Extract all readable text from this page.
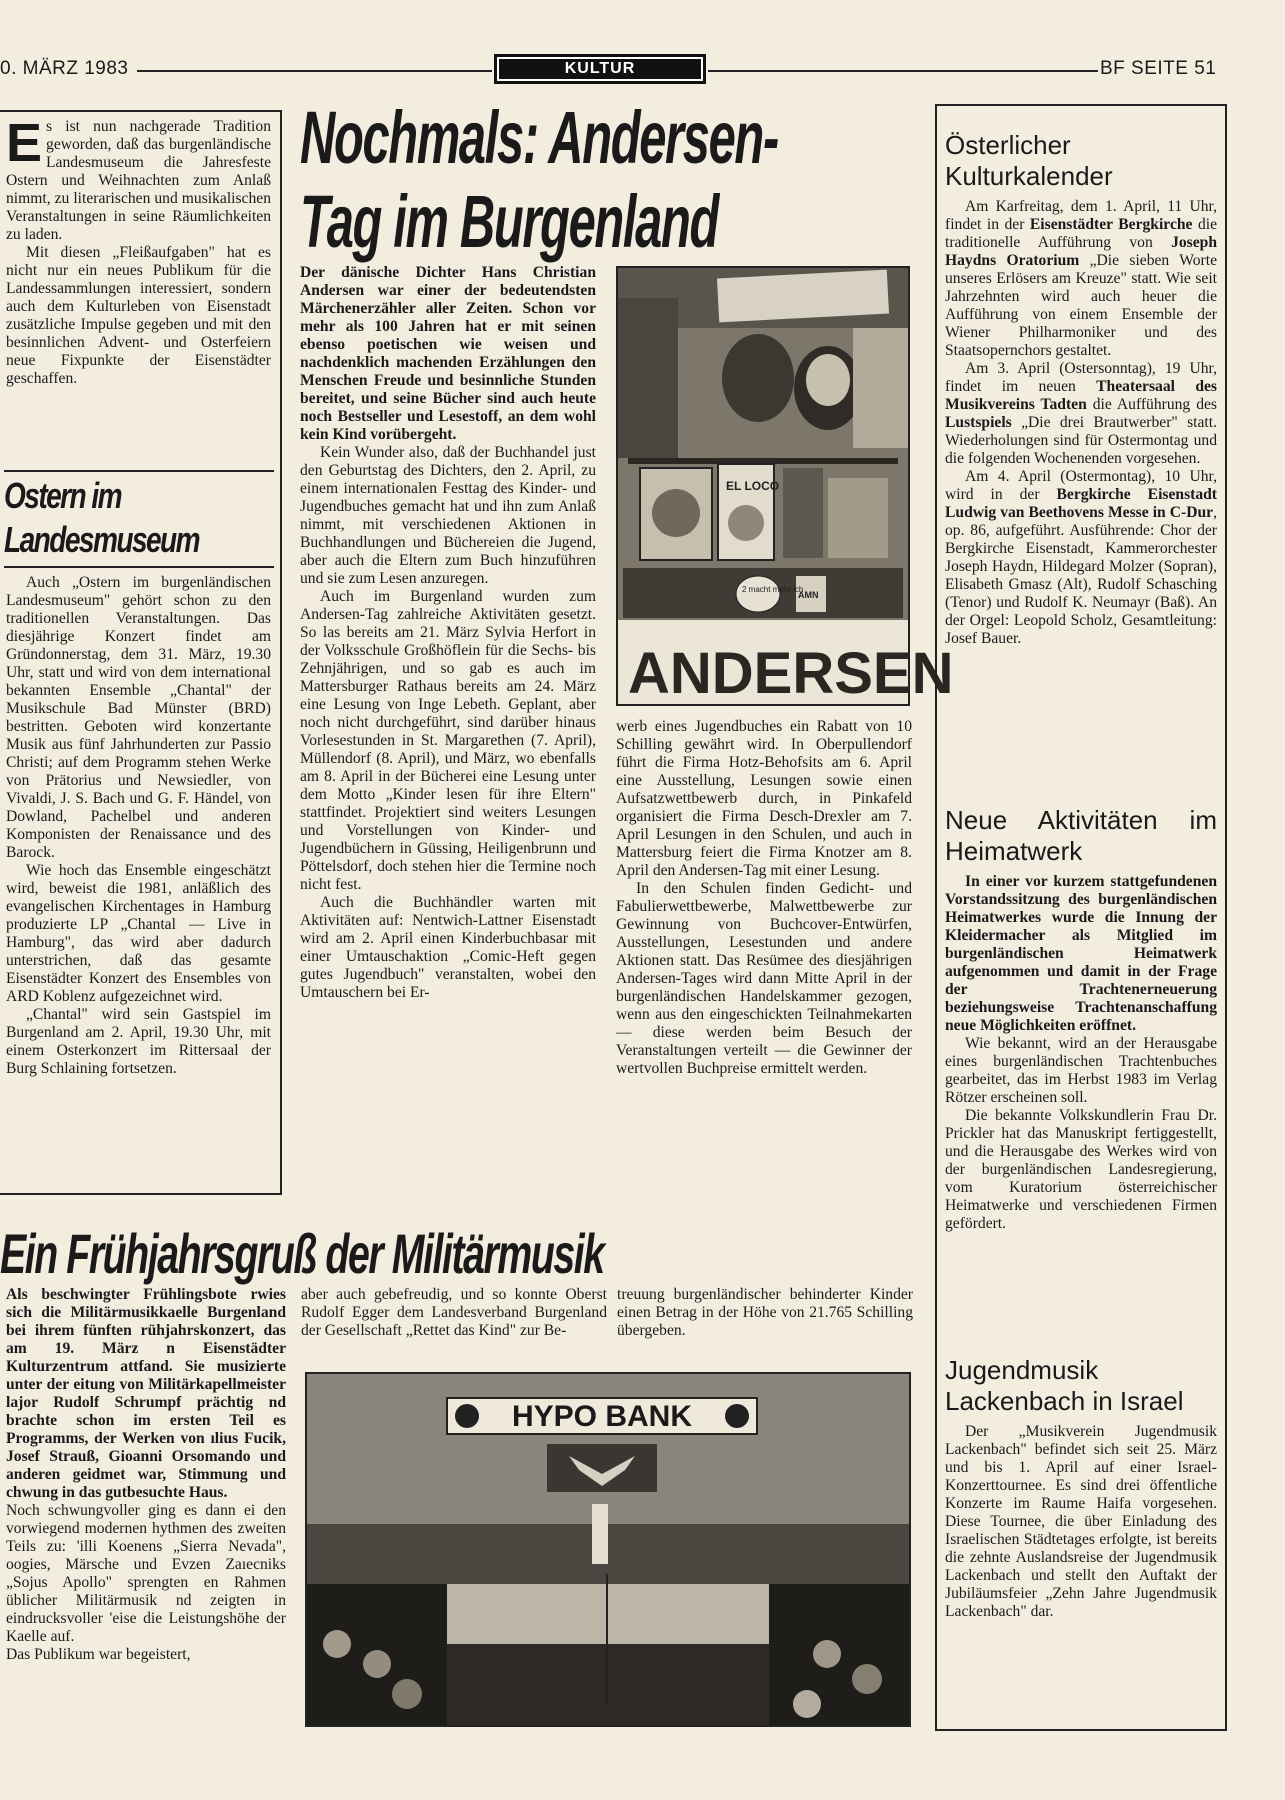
0. MÄRZ 1983	KULTUR	BF SEITE 51
E s ist nun nachgerade Tradition geworden, daß das burgenländische Landesmuseum die Jahresfeste Ostern und Weihnachten zum Anlaß nimmt, zu literarischen und musikalischen Veranstaltungen in seine Räumlichkeiten zu laden.

Mit diesen „Fleißaufgaben" hat es nicht nur ein neues Publikum für die Landessammlungen interessiert, sondern auch dem Kulturleben von Eisenstadt zusätzliche Impulse gegeben und mit den besinnlichen Advent- und Osterfeiern neue Fixpunkte der Eisenstädter geschaffen.

Ostern im
Landesmuseum

Auch „Ostern im burgenländischen Landesmuseum" gehört schon zu den traditionellen Veranstaltungen. Das diesjährige Konzert findet am Gründonnerstag, dem 31. März, 19.30 Uhr, statt und wird von dem international bekannten Ensemble „Chantal" der Musikschule Bad Münster (BRD) bestritten. Geboten wird konzertante Musik aus fünf Jahrhunderten zur Passio Christi; auf dem Programm stehen Werke von Prätorius und Newsiedler, von Vivaldi, J. S. Bach und G. F. Händel, von Dowland, Pachelbel und anderen Komponisten der Renaissance und des Barock.

Wie hoch das Ensemble eingeschätzt wird, beweist die 1981, anläßlich des evangelischen Kirchentages in Hamburg produzierte LP „Chantal — Live in Hamburg", das wird aber dadurch unterstrichen, daß das gesamte Eisenstädter Konzert des Ensembles von ARD Koblenz aufgezeichnet wird.

„Chantal" wird sein Gastspiel im Burgenland am 2. April, 19.30 Uhr, mit einem Osterkonzert im Rittersaal der Burg Schlaining fortsetzen.

Nochmals: Andersen-
Tag im Burgenland

Der dänische Dichter Hans Christian Andersen war einer der bedeutendsten Märchenerzähler aller Zeiten. Schon vor mehr als 100 Jahren hat er mit seinen ebenso poetischen wie weisen und nachdenklich machenden Erzählungen den Menschen Freude und besinnliche Stunden bereitet, und seine Bücher sind auch heute noch Bestseller und Lesestoff, an dem wohl kein Kind vorübergeht.

Kein Wunder also, daß der Buchhandel just den Geburtstag des Dichters, den 2. April, zu einem internationalen Festtag des Kinder- und Jugendbuches gemacht hat und ihn zum Anlaß nimmt, mit verschiedenen Aktionen in Buchhandlungen und Büchereien die Jugend, aber auch die Eltern zum Buch hinzuführen und sie zum Lesen anzuregen.

Auch im Burgenland wurden zum Andersen-Tag zahlreiche Aktivitäten gesetzt. So las bereits am 21. März Sylvia Herfort in der Volksschule Großhöflein für die Sechs- bis Zehnjährigen, und so gab es auch im Mattersburger Rathaus bereits am 24. März eine Lesung von Inge Lebeth. Geplant, aber noch nicht durchgeführt, sind darüber hinaus Vorlesestunden in St. Margarethen (7. April), Müllendorf (8. April), und März, wo ebenfalls am 8. April in der Bücherei eine Lesung unter dem Motto „Kinder lesen für ihre Eltern" stattfindet. Projektiert sind weiters Lesungen und Vorstellungen von Kinder- und Jugendbüchern in Güssing, Heiligenbrunn und Pöttelsdorf, doch stehen hier die Termine noch nicht fest.

Auch die Buchhändler warten mit Aktivitäten auf: Nentwich-Lattner Eisenstadt wird am 2. April einen Kinderbuchbasar mit einer Umtauschaktion „Comic-Heft gegen gutes Jugendbuch" veranstalten, wobei den Umtauschern bei Er-

ANDERSEN
EL LOCO
2 macht mehr ich
AMN

werb eines Jugendbuches ein Rabatt von 10 Schilling gewährt wird. In Oberpullendorf führt die Firma Hotz-Behofsits am 6. April eine Ausstellung, Lesungen sowie einen Aufsatzwettbewerb durch, in Pinkafeld organisiert die Firma Desch-Drexler am 7. April Lesungen in den Schulen, und auch in Mattersburg feiert die Firma Knotzer am 8. April den Andersen-Tag mit einer Lesung.

In den Schulen finden Gedicht- und Fabulierwettbewerbe, Malwettbewerbe zur Gewinnung von Buchcover-Entwürfen, Ausstellungen, Lesestunden und andere Aktionen statt. Das Resümee des diesjährigen Andersen-Tages wird dann Mitte April in der burgenländischen Handelskammer gezogen, wenn aus den eingeschickten Teilnahmekarten — diese werden beim Besuch der Veranstaltungen verteilt — die Gewinner der wertvollen Buchpreise ermittelt werden.

Österlicher Kulturkalender

Am Karfreitag, dem 1. April, 11 Uhr, findet in der Eisenstädter Bergkirche die traditionelle Aufführung von Joseph Haydns Oratorium „Die sieben Worte unseres Erlösers am Kreuze" statt. Wie seit Jahrzehnten wird auch heuer die Aufführung von einem Ensemble der Wiener Philharmoniker und des Staatsopernchors gestaltet.

Am 3. April (Ostersonntag), 19 Uhr, findet im neuen Theatersaal des Musikvereins Tadten die Aufführung des Lustspiels „Die drei Brautwerber" statt. Wiederholungen sind für Ostermontag und die folgenden Wochenenden vorgesehen.

Am 4. April (Ostermontag), 10 Uhr, wird in der Bergkirche Eisenstadt Ludwig van Beethovens Messe in C-Dur, op. 86, aufgeführt. Ausführende: Chor der Bergkirche Eisenstadt, Kammerorchester Joseph Haydn, Hildegard Molzer (Sopran), Elisabeth Gmasz (Alt), Rudolf Schasching (Tenor) und Rudolf K. Neumayr (Baß). An der Orgel: Leopold Scholz, Gesamtleitung: Josef Bauer.

Neue Aktivitäten im Heimatwerk

In einer vor kurzem stattgefundenen Vorstandssitzung des burgenländischen Heimatwerkes wurde die Innung der Kleidermacher als Mitglied im burgenländischen Heimatwerk aufgenommen und damit in der Frage der Trachtenerneuerung beziehungsweise Trachtenanschaffung neue Möglichkeiten eröffnet.

Wie bekannt, wird an der Herausgabe eines burgenländischen Trachtenbuches gearbeitet, das im Herbst 1983 im Verlag Rötzer erscheinen soll.

Die bekannte Volkskundlerin Frau Dr. Prickler hat das Manuskript fertiggestellt, und die Herausgabe des Werkes wird von der burgenländischen Landesregierung, vom Kuratorium österreichischer Heimatwerke und verschiedenen Firmen gefördert.

Jugendmusik Lackenbach in Israel

Der „Musikverein Jugendmusik Lackenbach" befindet sich seit 25. März und bis 1. April auf einer Israel-Konzerttournee. Es sind drei öffentliche Konzerte im Raume Haifa vorgesehen. Diese Tournee, die über Einladung des Israelischen Städtetages erfolgte, ist bereits die zehnte Auslandsreise der Jugendmusik Lackenbach und stellt den Auftakt der Jubiläumsfeier „Zehn Jahre Jugendmusik Lackenbach" dar.

Ein Frühjahrsgruß der Militärmusik

Als beschwingter Frühlingsbote rwies sich die Militärmusikkaelle Burgenland bei ihrem fünften rühjahrskonzert, das am 19. März n Eisenstädter Kulturzentrum attfand. Sie musizierte unter der eitung von Militärkapellmeister lajor Rudolf Schrumpf prächtig nd brachte schon im ersten Teil es Programms, der Werken von ılius Fucik, Josef Strauß, Gioanni Orsomando und anderen geidmet war, Stimmung und chwung in das gutbesuchte Haus.

Noch schwungvoller ging es dann ei den vorwiegend modernen hythmen des zweiten Teils zu: 'illi Koenens „Sierra Nevada", oogies, Märsche und Evzen Zaıecniks „Sojus Apollo" sprengten en Rahmen üblicher Militärmusik nd zeigten in eindrucksvoller 'eise die Leistungshöhe der Kaelle auf.

Das Publikum war begeistert,

aber auch gebefreudig, und so konnte Oberst Rudolf Egger dem Landesverband Burgenland der Gesellschaft „Rettet das Kind" zur Be-

treuung burgenländischer behinderter Kinder einen Betrag in der Höhe von 21.765 Schilling übergeben.

HYPO BANK
